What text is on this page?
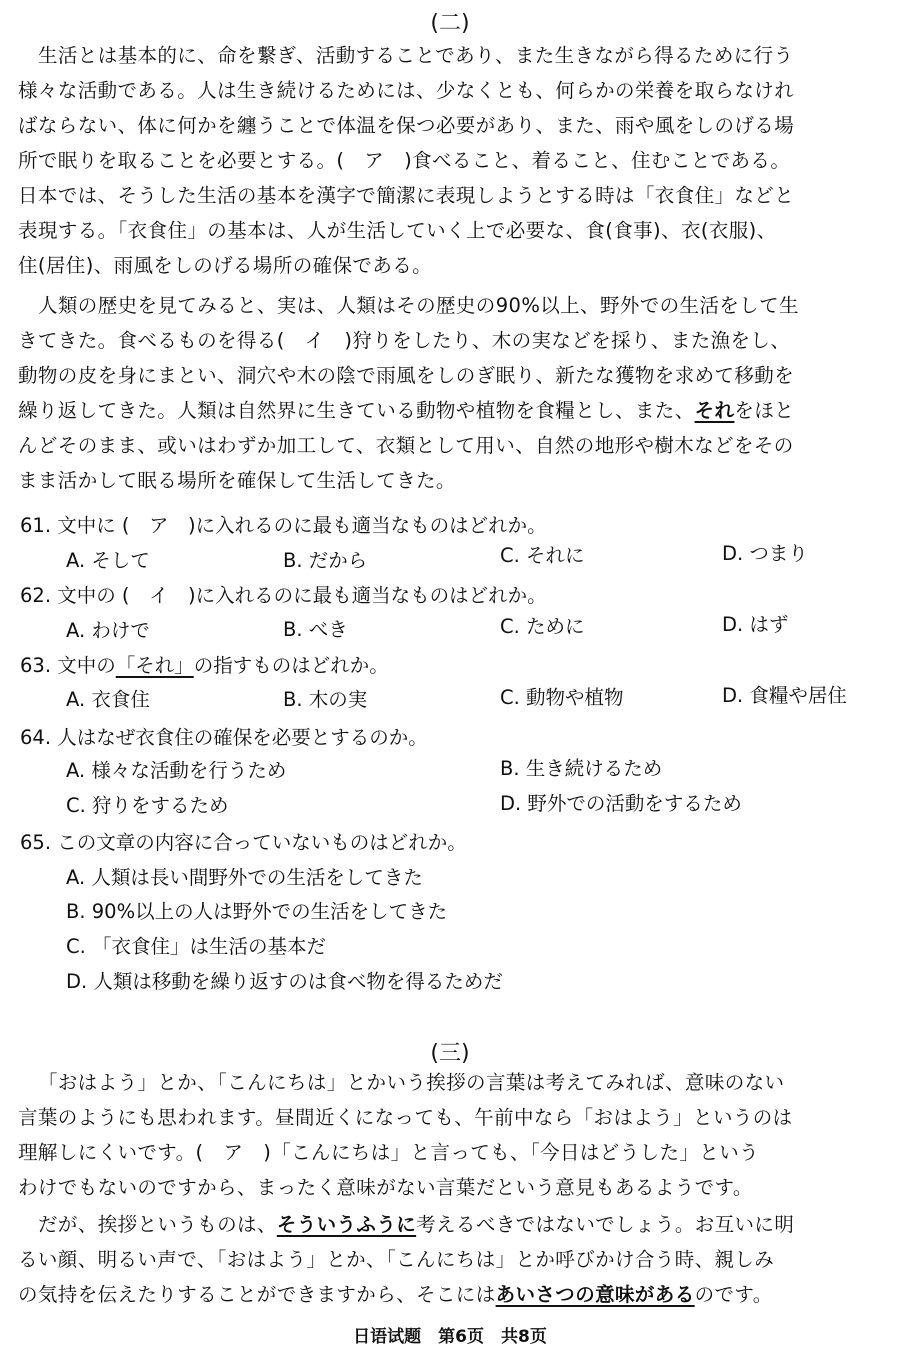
(二)
生活とは基本的に、命を繋ぎ、活動することであり、また生きながら得るために行う
様々な活動である。人は生き続けるためには、少なくとも、何らかの栄養を取らなけれ
ばならない、体に何かを纏うことで体温を保つ必要があり、また、雨や風をしのげる場
所で眠りを取ることを必要とする。(　ア　)食べること、着ること、住むことである。
日本では、そうした生活の基本を漢字で簡潔に表現しようとする時は「衣食住」などと
表現する。「衣食住」の基本は、人が生活していく上で必要な、食(食事)、衣(衣服)、
住(居住)、雨風をしのげる場所の確保である。
人類の歴史を見てみると、実は、人類はその歴史の90%以上、野外での生活をして生
きてきた。食べるものを得る(　イ　)狩りをしたり、木の実などを採り、また漁をし、
動物の皮を身にまとい、洞穴や木の陰で雨風をしのぎ眠り、新たな獲物を求めて移動を
繰り返してきた。人類は自然界に生きている動物や植物を食糧とし、また、それをほと
んどそのまま、或いはわずか加工して、衣類として用い、自然の地形や樹木などをその
まま活かして眠る場所を確保して生活してきた。
61. 文中に (　ア　)に入れるのに最も適当なものはどれか。
A. そして	B. だから	C. それに	D. つまり
62. 文中の (　イ　)に入れるのに最も適当なものはどれか。
A. わけで	B. べき	C. ために	D. はず
63. 文中の「それ」の指すものはどれか。
A. 衣食住	B. 木の実	C. 動物や植物	D. 食糧や居住
64. 人はなぜ衣食住の確保を必要とするのか。
A. 様々な活動を行うため	B. 生き続けるため
C. 狩りをするため	D. 野外での活動をするため
65. この文章の内容に合っていないものはどれか。
A. 人類は長い間野外での生活をしてきた
B. 90%以上の人は野外での生活をしてきた
C. 「衣食住」は生活の基本だ
D. 人類は移動を繰り返すのは食べ物を得るためだ
(三)
「おはよう」とか、「こんにちは」とかいう挨拶の言葉は考えてみれば、意味のない
言葉のようにも思われます。昼間近くになっても、午前中なら「おはよう」というのは
理解しにくいです。(　ア　)「こんにちは」と言っても、「今日はどうした」という
わけでもないのですから、まったく意味がない言葉だという意見もあるようです。
だが、挨拶というものは、そういうふうに考えるべきではないでしょう。お互いに明
るい顔、明るい声で、「おはよう」とか、「こんにちは」とか呼びかけ合う時、親しみ
の気持を伝えたりすることができますから、そこにはあいさつの意味があるのです。
日语试题　第6页　共8页
